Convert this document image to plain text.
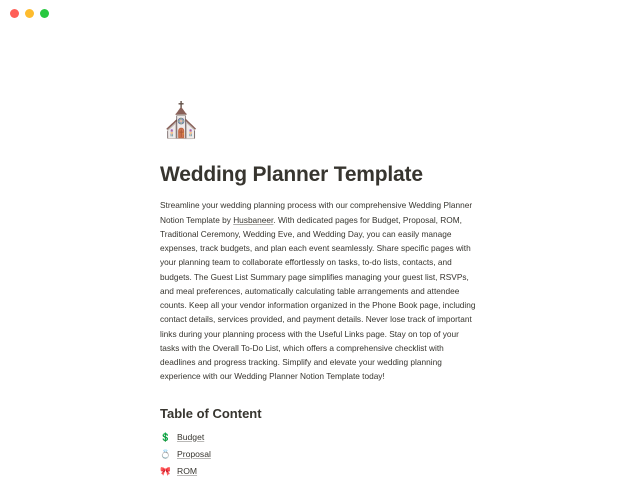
⛪
Wedding Planner Template

Streamline your wedding planning process with our comprehensive Wedding Planner Notion Template by Husbaneer. With dedicated pages for Budget, Proposal, ROM, Traditional Ceremony, Wedding Eve, and Wedding Day, you can easily manage expenses, track budgets, and plan each event seamlessly. Share specific pages with your planning team to collaborate effortlessly on tasks, to-do lists, contacts, and budgets. The Guest List Summary page simplifies managing your guest list, RSVPs, and meal preferences, automatically calculating table arrangements and attendee counts. Keep all your vendor information organized in the Phone Book page, including contact details, services provided, and payment details. Never lose track of important links during your planning process with the Useful Links page. Stay on top of your tasks with the Overall To-Do List, which offers a comprehensive checklist with deadlines and progress tracking. Simplify and elevate your wedding planning experience with our Wedding Planner Notion Template today!

Table of Content
💲 Budget
💍 Proposal
🎀 ROM
